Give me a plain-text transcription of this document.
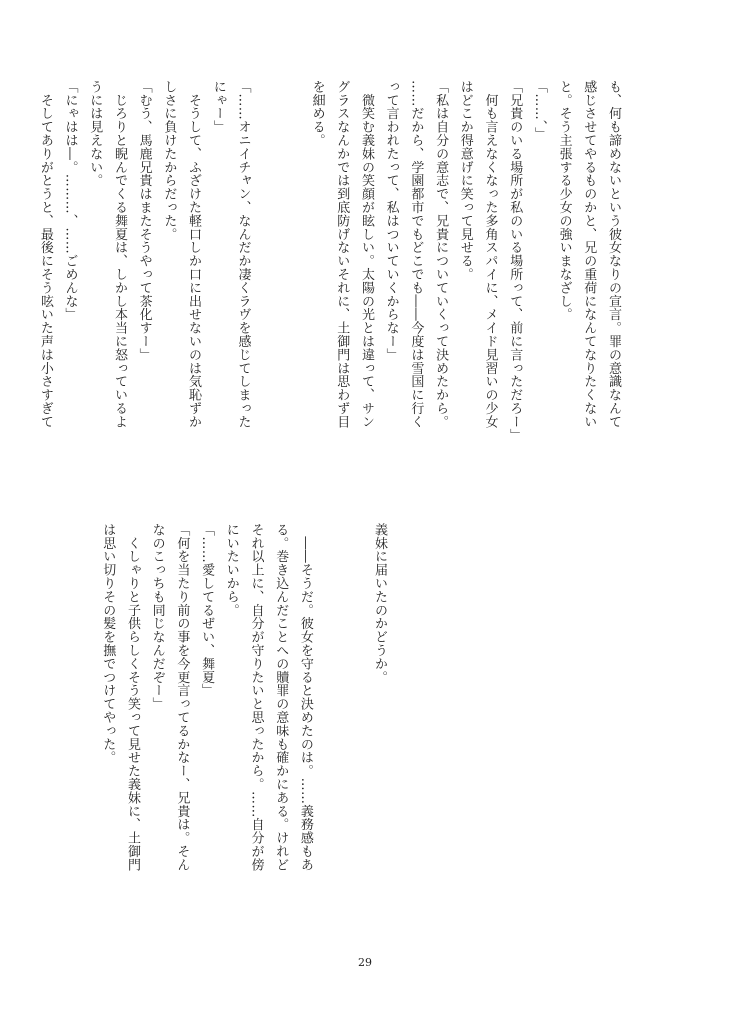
も、何も諦めないという彼女なりの宣言。罪の意識なんて
感じさせてやるものかと、兄の重荷になんてなりたくない
と。そう主張する少女の強いまなざし。
「……、」
「兄貴のいる場所が私のいる場所って、前に言っただろー」
　何も言えなくなった多角スパイに、メイド見習いの少女
はどこか得意げに笑って見せる。
「私は自分の意志で、兄貴についていくって決めたから。
……だから、学園都市でもどこでも――今度は雪国に行く
って言われたって、私はついていくからなー」
　微笑む義妹の笑顔が眩しい。太陽の光とは違って、サン
グラスなんかでは到底防げないそれに、土御門は思わず目
を細める。
「……オニイチャン、なんだか凄くラヴを感じてしまった
にゃー」
　そうして、ふざけた軽口しか口に出せないのは気恥ずか
しさに負けたからだった。
「むう、馬鹿兄貴はまたそうやって茶化すー」
　じろりと睨んでくる舞夏は、しかし本当に怒っているよ
うには見えない。
「にゃはは―。………、……ごめんな」
　そしてありがとうと、最後にそう呟いた声は小さすぎて
義妹に届いたのかどうか。
　――そうだ。彼女を守ると決めたのは。……義務感もあ
る。巻き込んだことへの贖罪の意味も確かにある。けれど
それ以上に、自分が守りたいと思ったから。……自分が傍
にいたいから。
「……愛してるぜい、舞夏」
「何を当たり前の事を今更言ってるかなー、兄貴は。そん
なのこっちも同じなんだぞー」
　くしゃりと子供らしくそう笑って見せた義妹に、土御門
は思い切りその髪を撫でつけてやった。
29
